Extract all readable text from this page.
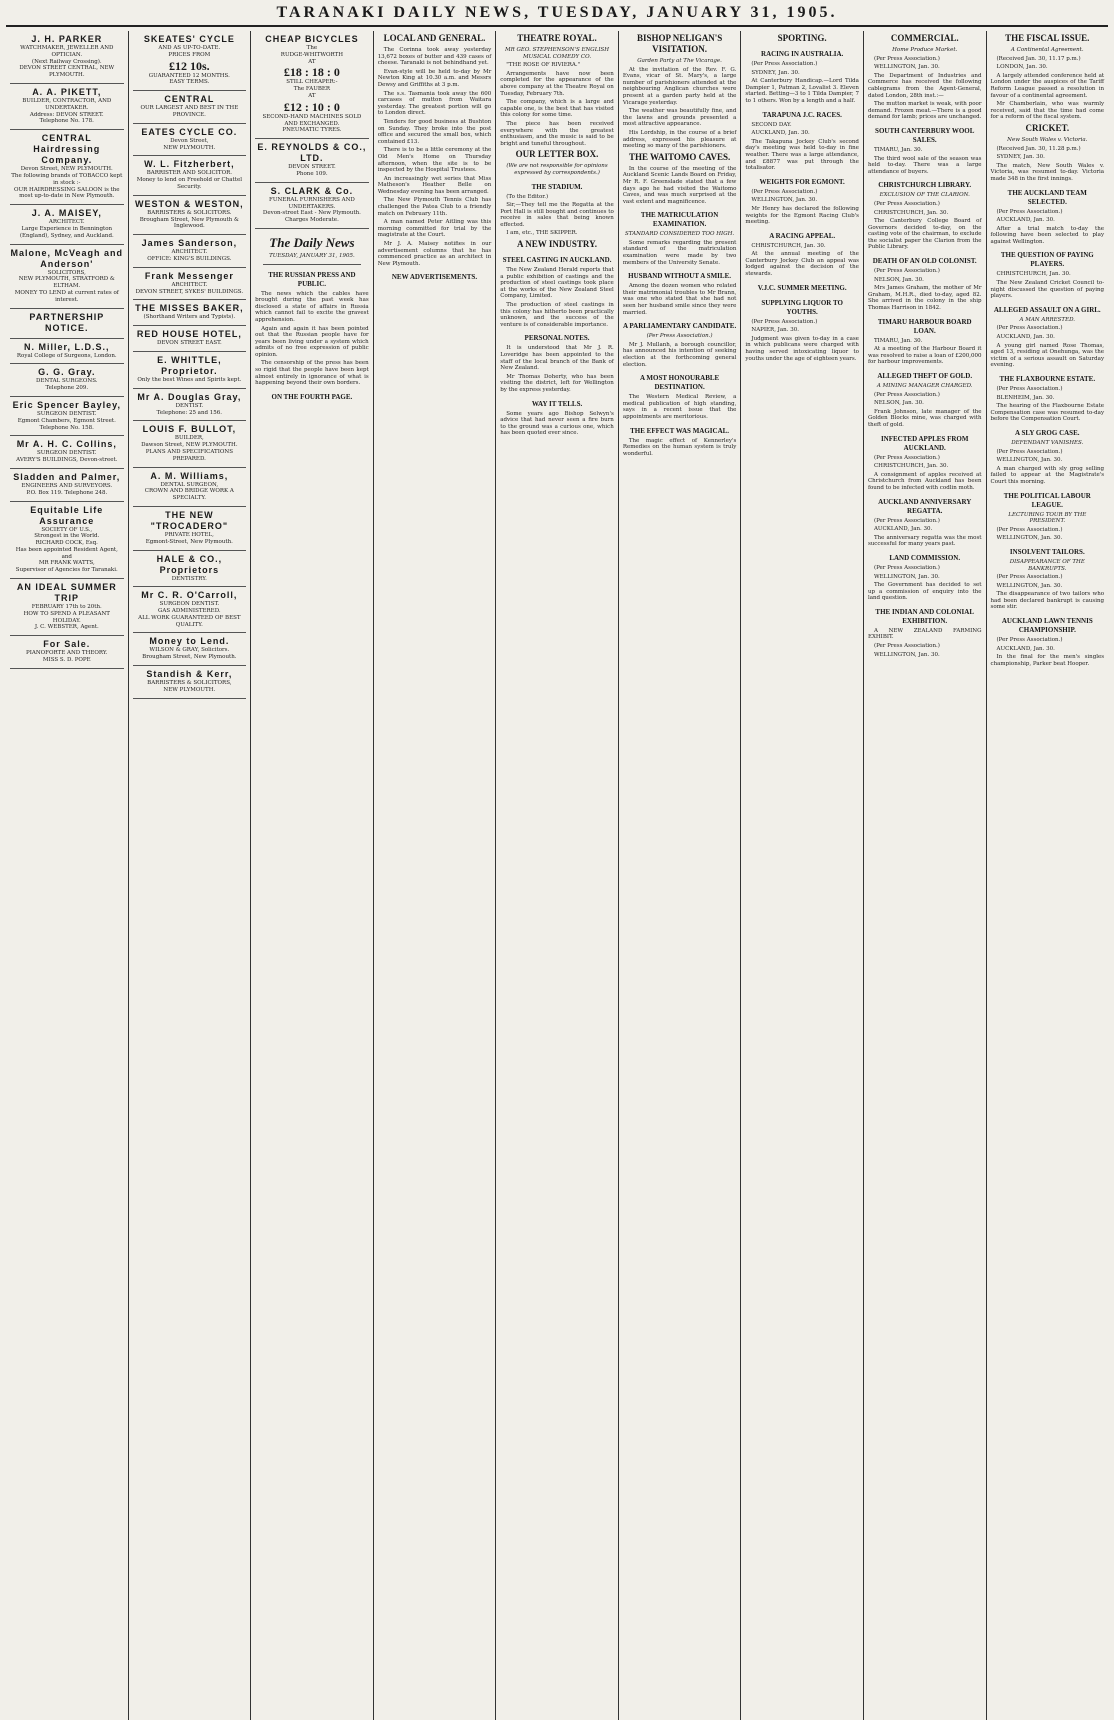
TARANAKI DAILY NEWS, TUESDAY, JANUARY 31, 1905.
J. H. PARKER
WATCHMAKER, JEWELLER AND OPTICIAN.
(Next Railway Crossing).
DEVON STREET CENTRAL, NEW PLYMOUTH.
A. A. PIKETT,
BUILDER, CONTRACTOR, AND UNDERTAKER.
Address: DEVON STREET.
Telephone No. 178.
CENTRAL Hairdressing Company.
Devon Street, NEW PLYMOUTH.
The following brands of TOBACCO kept in stock :-
OUR HAIRDRESSING SALOON is the most up-to-date in New Plymouth.
J. A. MAISEY,
ARCHITECT.
Large Experience in Bennington (England), Sydney, and Auckland.
Malone, McVeagh and Anderson'
SOLICITORS,
NEW PLYMOUTH, STRATFORD & ELTHAM.
MONEY TO LEND at current rates of interest.
PARTNERSHIP NOTICE.
N. Miller, L.D.S.,
Royal College of Surgeons, London.
G. G. Gray.
DENTAL SURGEONS.
Telephone 209.
Eric Spencer Bayley,
SURGEON DENTIST.
Egmont Chambers, Egmont Street.
Telephone No. 158.
Mr A. H. C. Collins,
SURGEON DENTIST.
AVERY'S BUILDINGS, Devon-street.
Sladden and Palmer,
ENGINEERS AND SURVEYORS.
P.O. Box 119. Telephone 248.
Equitable Life Assurance
SOCIETY OF U.S.,
Strongest in the World.
RICHARD COCK, Esq.
Has been appointed Resident Agent, and
MR FRANK WATTS,
Supervisor of Agencies for Taranaki.
AN IDEAL SUMMER TRIP
FEBRUARY 17th to 20th.
HOW TO SPEND A PLEASANT HOLIDAY.
J. C. WEBSTER, Agent.
For Sale.
PIANOFORTE AND THEORY.
MISS S. D. POPE
SKEATES' CYCLE
AND AS UP-TO-DATE.
PRICES FROM
£12 10s.
GUARANTEED 12 MONTHS.
EASY TERMS.
CENTRAL
OUR LARGEST AND BEST IN THE PROVINCE.
EATES CYCLE CO.
Devon Street,
NEW PLYMOUTH.
W. L. Fitzherbert,
BARRISTER AND SOLICITOR.
Money to lend on Freehold or Chattel Security.
WESTON & WESTON,
BARRISTERS & SOLICITORS.
Brougham Street, New Plymouth & Inglewood.
James Sanderson,
ARCHITECT.
OFFICE: KING'S BUILDINGS.
Frank Messenger
ARCHITECT.
DEVON STREET, SYKES' BUILDINGS.
THE MISSES BAKER,
(Shorthand Writers and Typists).
RED HOUSE HOTEL,
DEVON STREET EAST.
E. WHITTLE, Proprietor.
Only the best Wines and Spirits kept.
Mr A. Douglas Gray,
DENTIST.
Telephone: 25 and 156.
LOUIS F. BULLOT,
BUILDER,
Dawson Street, NEW PLYMOUTH.
PLANS AND SPECIFICATIONS PREPARED.
A. M. Williams,
DENTAL SURGEON,
CROWN AND BRIDGE WORK A SPECIALTY.
THE NEW "TROCADERO"
PRIVATE HOTEL,
Egmont-Street, New Plymouth.
HALE & CO., Proprietors
DENTISTRY.
Mr C. R. O'Carroll,
SURGEON DENTIST.
GAS ADMINISTERED.
ALL WORK GUARANTEED OF BEST QUALITY.
Money to Lend.
WILSON & GRAY, Solicitors.
Brougham Street, New Plymouth.
Standish & Kerr,
BARRISTERS & SOLICITORS,
NEW PLYMOUTH.
CHEAP BICYCLES
The
RUDGE-WHITWORTH
AT
£18 : 18 : 0
STILL CHEAPER:-
The FAUBER
AT
£12 : 10 : 0
SECOND-HAND MACHINES SOLD AND EXCHANGED.
PNEUMATIC TYRES.
E. REYNOLDS & CO., LTD.
DEVON STREET.
Phone 109.
S. CLARK & Co.
FUNERAL FURNISHERS AND UNDERTAKERS.
Devon-street East - New Plymouth.
Charges Moderate.
The Daily News
TUESDAY, JANUARY 31, 1905.
THE RUSSIAN PRESS AND PUBLIC.

The news which the cables have brought during the past week has disclosed a state of affairs in Russia which cannot fail to excite the gravest apprehension.

Again and again it has been pointed out that the Russian people have for years been living under a system which admits of no free expression of public opinion.

The censorship of the press has been so rigid that the people have been kept almost entirely in ignorance of what is happening beyond their own borders.

ON THE FOURTH PAGE.
LOCAL AND GENERAL.

The Corinna took away yesterday 13,672 boxes of butter and 439 cases of cheese. Taranaki is not behindhand yet.

Evan-style will be held to-day by Mr Newton King at 10.30 a.m. and Messrs Dewsy and Griffiths at 3 p.m.

The s.s. Tasmania took away the 600 carcases of mutton from Waitara yesterday. The greatest portion will go to London direct.

Tenders for good business at Bushton on Sunday. They broke into the post office and secured the small box, which contained £13.

There is to be a little ceremony at the Old Men's Home on Thursday afternoon, when the site is to be inspected by the Hospital Trustees.

An increasingly wet series that Miss Matheson's Heather Belle on Wednesday evening has been arranged.

The New Plymouth Tennis Club has challenged the Patea Club to a friendly match on February 11th.

A man named Peter Aitling was this morning committed for trial by the magistrate at the Court.

Mr J. A. Maisey notifies in our advertisement columns that he has commenced practice as an architect in New Plymouth.

NEW ADVERTISEMENTS.
THEATRE ROYAL.
MR GEO. STEPHENSON'S ENGLISH MUSICAL COMEDY CO.

"THE ROSE OF RIVIERA."

Arrangements have now been completed for the appearance of the above company at the Theatre Royal on Tuesday, February 7th.

The company, which is a large and capable one, is the best that has visited this colony for some time.

The piece has been received everywhere with the greatest enthusiasm, and the music is said to be bright and tuneful throughout.

OUR LETTER BOX.
(We are not responsible for opinions expressed by correspondents.)
THE STADIUM.

(To the Editor.)

Sir,—They tell me the Regatta at the Port Hall is still bought and continues to receive in sales that being known effected.

I am, etc., THE SKIPPER.

A NEW INDUSTRY.
STEEL CASTING IN AUCKLAND.

The New Zealand Herald reports that a public exhibition of castings and the production of steel castings took place at the works of the New Zealand Steel Company, Limited.

The production of steel castings in this colony has hitherto been practically unknown, and the success of the venture is of considerable importance.

PERSONAL NOTES.

It is understood that Mr J. R. Loveridge has been appointed to the staff of the local branch of the Bank of New Zealand.

Mr Thomas Doherty, who has been visiting the district, left for Wellington by the express yesterday.

WAY IT TELLS.

Some years ago Bishop Selwyn's advice that had never seen a fire burn to the ground was a curious one, which has been quoted ever since.

BISHOP NELIGAN'S VISITATION.
Garden Party at The Vicarage.

At the invitation of the Rev. F. G. Evans, vicar of St. Mary's, a large number of parishioners attended at the neighbouring Anglican churches were present at a garden party held at the Vicarage yesterday.

The weather was beautifully fine, and the lawns and grounds presented a most attractive appearance.

His Lordship, in the course of a brief address, expressed his pleasure at meeting so many of the parishioners.

THE WAITOMO CAVES.

In the course of the meeting of the Auckland Scenic Lands Board on Friday, Mr R. F. Greenslade stated that a few days ago he had visited the Waitomo Caves, and was much surprised at the vast extent and magnificence.

THE MATRICULATION EXAMINATION.
STANDARD CONSIDERED TOO HIGH.

Some remarks regarding the present standard of the matriculation examination were made by two members of the University Senate.

HUSBAND WITHOUT A SMILE.

Among the dozen women who related their matrimonial troubles to Mr Brann, was one who stated that she had not seen her husband smile since they were married.

A PARLIAMENTARY CANDIDATE.
(Per Press Association.)

Mr J. Mullanh, a borough councillor, has announced his intention of seeking election at the forthcoming general election.

A MOST HONOURABLE DESTINATION.

The Western Medical Review, a medical publication of high standing, says in a recent issue that the appointments are meritorious.

THE EFFECT WAS MAGICAL.

The magic effect of Kennerley's Remedies on the human system is truly wonderful.

SPORTING.
RACING IN AUSTRALIA.

(Per Press Association.)

SYDNEY, Jan. 30.

At Canterbury Handicap.—Lord Tilda Dampier 1, Patman 2, Lovalist 3. Eleven started. Betting—3 to 1 Tilda Dampier, 7 to 1 others. Won by a length and a half.

TARAPUNA J.C. RACES.

SECOND DAY.

AUCKLAND, Jan. 30.

The Takapuna Jockey Club's second day's meeting was held to-day in fine weather. There was a large attendance, and £8877 was put through the totalisator.

WEIGHTS FOR EGMONT.

(Per Press Association.)

WELLINGTON, Jan. 30.

Mr Henry has declared the following weights for the Egmont Racing Club's meeting.

A RACING APPEAL.

CHRISTCHURCH, Jan. 30.

At the annual meeting of the Canterbury Jockey Club an appeal was lodged against the decision of the stewards.

V.J.C. SUMMER MEETING.
SUPPLYING LIQUOR TO YOUTHS.

(Per Press Association.)

NAPIER, Jan. 30.

Judgment was given to-day in a case in which publicans were charged with having served intoxicating liquor to youths under the age of eighteen years.

COMMERCIAL.
Home Produce Market.

(Per Press Association.)

WELLINGTON, Jan. 30.

The Department of Industries and Commerce has received the following cablegrams from the Agent-General, dated London, 28th inst.:—

The mutton market is weak, with poor demand. Frozen meat.—There is a good demand for lamb; prices are unchanged.

SOUTH CANTERBURY WOOL SALES.

TIMARU, Jan. 30.

The third wool sale of the season was held to-day. There was a large attendance of buyers.

CHRISTCHURCH LIBRARY.
EXCLUSION OF THE CLARION.

(Per Press Association.)

CHRISTCHURCH, Jan. 30.

The Canterbury College Board of Governors decided to-day, on the casting vote of the chairman, to exclude the socialist paper the Clarion from the Public Library.

DEATH OF AN OLD COLONIST.

(Per Press Association.)

NELSON, Jan. 30.

Mrs James Graham, the mother of Mr Graham, M.H.R., died to-day, aged 82. She arrived in the colony in the ship Thomas Harrison in 1842.

TIMARU HARBOUR BOARD LOAN.

TIMARU, Jan. 30.

At a meeting of the Harbour Board it was resolved to raise a loan of £200,000 for harbour improvements.

ALLEGED THEFT OF GOLD.
A MINING MANAGER CHARGED.

(Per Press Association.)

NELSON, Jan. 30.

Frank Johnson, late manager of the Golden Blocks mine, was charged with theft of gold.

INFECTED APPLES FROM AUCKLAND.

(Per Press Association.)

CHRISTCHURCH, Jan. 30.

A consignment of apples received at Christchurch from Auckland has been found to be infected with codlin moth.

AUCKLAND ANNIVERSARY REGATTA.

(Per Press Association.)

AUCKLAND, Jan. 30.

The anniversary regatta was the most successful for many years past.

LAND COMMISSION.

(Per Press Association.)

WELLINGTON, Jan. 30.

The Government has decided to set up a commission of enquiry into the land question.

THE INDIAN AND COLONIAL EXHIBITION.

A NEW ZEALAND FARMING EXHIBIT.

(Per Press Association.)

WELLINGTON, Jan. 30.

THE FISCAL ISSUE.
A Continental Agreement.

(Received Jan. 30, 11.17 p.m.)

LONDON, Jan. 30.

A largely attended conference held at London under the auspices of the Tariff Reform League passed a resolution in favour of a continental agreement.

Mr Chamberlain, who was warmly received, said that the time had come for a reform of the fiscal system.

CRICKET.
New South Wales v. Victoria.

(Received Jan. 30, 11.28 p.m.)

SYDNEY, Jan. 30.

The match, New South Wales v. Victoria, was resumed to-day. Victoria made 348 in the first innings.

THE AUCKLAND TEAM SELECTED.

(Per Press Association.)

AUCKLAND, Jan. 30.

After a trial match to-day the following have been selected to play against Wellington.

THE QUESTION OF PAYING PLAYERS.

CHRISTCHURCH, Jan. 30.

The New Zealand Cricket Council to-night discussed the question of paying players.

ALLEGED ASSAULT ON A GIRL.
A MAN ARRESTED.

(Per Press Association.)

AUCKLAND, Jan. 30.

A young girl named Rose Thomas, aged 13, residing at Onehunga, was the victim of a serious assault on Saturday evening.

THE FLAXBOURNE ESTATE.

(Per Press Association.)

BLENHEIM, Jan. 30.

The hearing of the Flaxbourne Estate Compensation case was resumed to-day before the Compensation Court.

A SLY GROG CASE.
DEFENDANT VANISHES.

(Per Press Association.)

WELLINGTON, Jan. 30.

A man charged with sly grog selling failed to appear at the Magistrate's Court this morning.

THE POLITICAL LABOUR LEAGUE.
LECTURING TOUR BY THE PRESIDENT.

(Per Press Association.)

WELLINGTON, Jan. 30.

INSOLVENT TAILORS.
DISAPPEARANCE OF THE BANKRUPTS.

(Per Press Association.)

WELLINGTON, Jan. 30.

The disappearance of two tailors who had been declared bankrupt is causing some stir.

AUCKLAND LAWN TENNIS CHAMPIONSHIP.

(Per Press Association.)

AUCKLAND, Jan. 30.

In the final for the men's singles championship, Parker beat Hooper.
